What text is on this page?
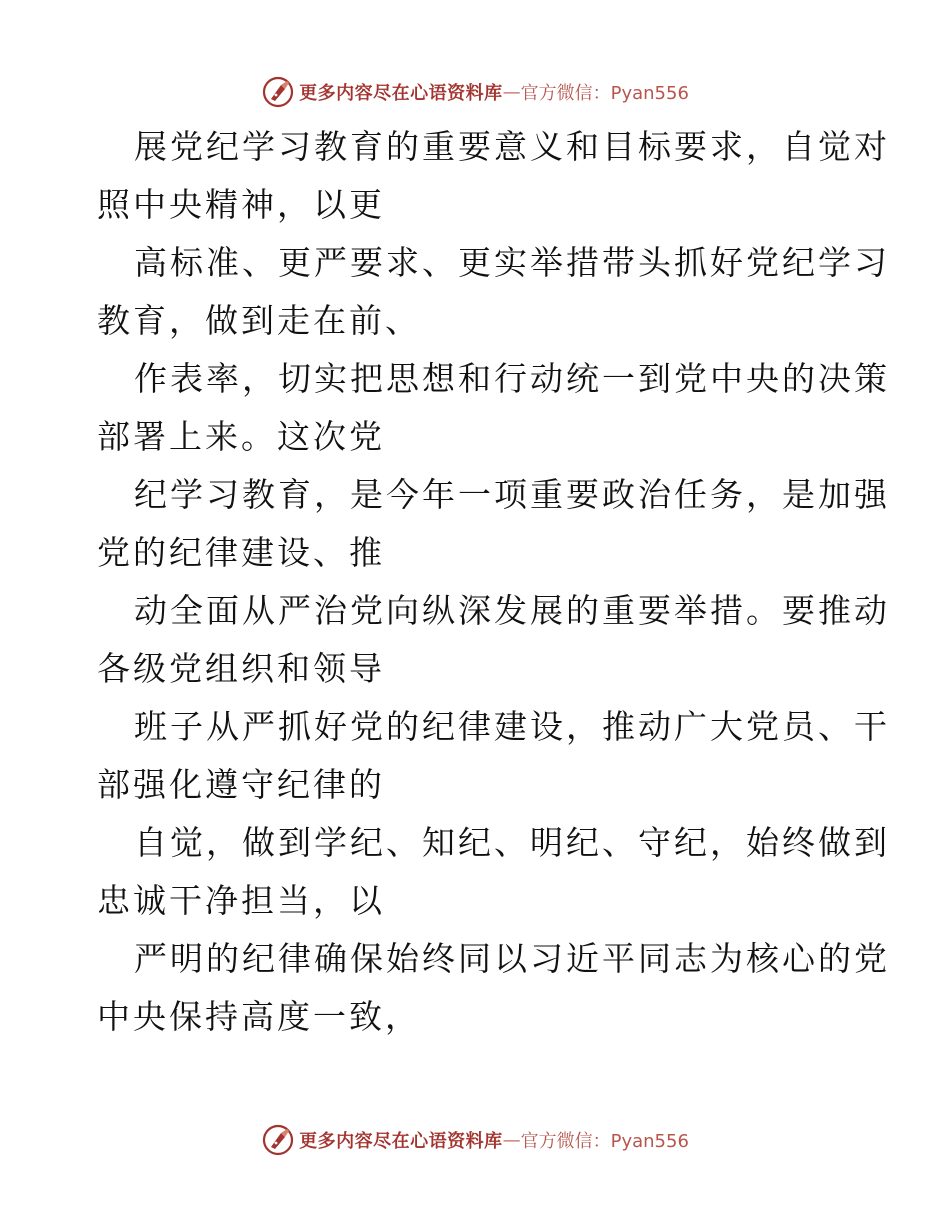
更多内容尽在心语资料库 — 官方微信：Pyan556
展党纪学习教育的重要意义和目标要求，自觉对
照中央精神，以更
高标准、更严要求、更实举措带头抓好党纪学习
教育，做到走在前、
作表率，切实把思想和行动统一到党中央的决策
部署上来。这次党
纪学习教育，是今年一项重要政治任务，是加强
党的纪律建设、推
动全面从严治党向纵深发展的重要举措。要推动
各级党组织和领导
班子从严抓好党的纪律建设，推动广大党员、干
部强化遵守纪律的
自觉，做到学纪、知纪、明纪、守纪，始终做到
忠诚干净担当，以
严明的纪律确保始终同以习近平同志为核心的党
中央保持高度一致，
更多内容尽在心语资料库 — 官方微信：Pyan556
